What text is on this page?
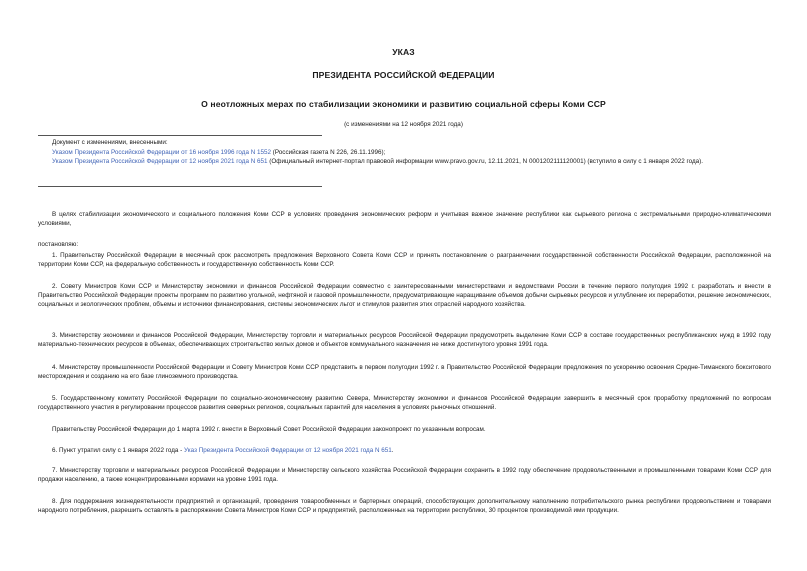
УКАЗ
ПРЕЗИДЕНТА РОССИЙСКОЙ ФЕДЕРАЦИИ
О неотложных мерах по стабилизации экономики и развитию социальной сферы Коми ССР
(с изменениями на 12 ноября 2021 года)
Документ с изменениями, внесенными:
Указом Президента Российской Федерации от 16 ноября 1996 года N 1552 (Российская газета N 226, 26.11.1996);
Указом Президента Российской Федерации от 12 ноября 2021 года N 651 (Официальный интернет-портал правовой информации www.pravo.gov.ru, 12.11.2021, N 0001202111120001) (вступило в силу с 1 января 2022 года).
В целях стабилизации экономического и социального положения Коми ССР в условиях проведения экономических реформ и учитывая важное значение республики как сырьевого региона с экстремальными природно-климатическими условиями,
постановляю:
1. Правительству Российской Федерации в месячный срок рассмотреть предложения Верховного Совета Коми ССР и принять постановление о разграничении государственной собственности Российской Федерации, расположенной на территории Коми ССР, на федеральную собственность и государственную собственность Коми ССР.
2. Совету Министров Коми ССР и Министерству экономики и финансов Российской Федерации совместно с заинтересованными министерствами и ведомствами России в течение первого полугодия 1992 г. разработать и внести в Правительство Российской Федерации проекты программ по развитию угольной, нефтяной и газовой промышленности, предусматривающие наращивание объемов добычи сырьевых ресурсов и углубление их переработки, решение экономических, социальных и экологических проблем, объемы и источники финансирования, системы экономических льгот и стимулов развития этих отраслей народного хозяйства.
3. Министерству экономики и финансов Российской Федерации, Министерству торговли и материальных ресурсов Российской Федерации предусмотреть выделение Коми ССР в составе государственных республиканских нужд в 1992 году материально-технических ресурсов в объемах, обеспечивающих строительство жилых домов и объектов коммунального назначения не ниже достигнутого уровня 1991 года.
4. Министерству промышленности Российской Федерации и Совету Министров Коми ССР представить в первом полугодии 1992 г. в Правительство Российской Федерации предложения по ускорению освоения Средне-Тиманского бокситового месторождения и созданию на его базе глиноземного производства.
5. Государственному комитету Российской Федерации по социально-экономическому развитию Севера, Министерству экономики и финансов Российской Федерации завершить в месячный срок проработку предложений по вопросам государственного участия в регулировании процессов развития северных регионов, социальных гарантий для населения в условиях рыночных отношений.
Правительству Российской Федерации до 1 марта 1992 г. внести в Верховный Совет Российской Федерации законопроект по указанным вопросам.
6. Пункт утратил силу с 1 января 2022 года - Указ Президента Российской Федерации от 12 ноября 2021 года N 651.
7. Министерству торговли и материальных ресурсов Российской Федерации и Министерству сельского хозяйства Российской Федерации сохранить в 1992 году обеспечение продовольственными и промышленными товарами Коми ССР для продажи населению, а также концентрированными кормами на уровне 1991 года.
8. Для поддержания жизнедеятельности предприятий и организаций, проведения товарообменных и бартерных операций, способствующих дополнительному наполнению потребительского рынка республики продовольствием и товарами народного потребления, разрешить оставлять в распоряжении Совета Министров Коми ССР и предприятий, расположенных на территории республики, 30 процентов производимой ими продукции.
